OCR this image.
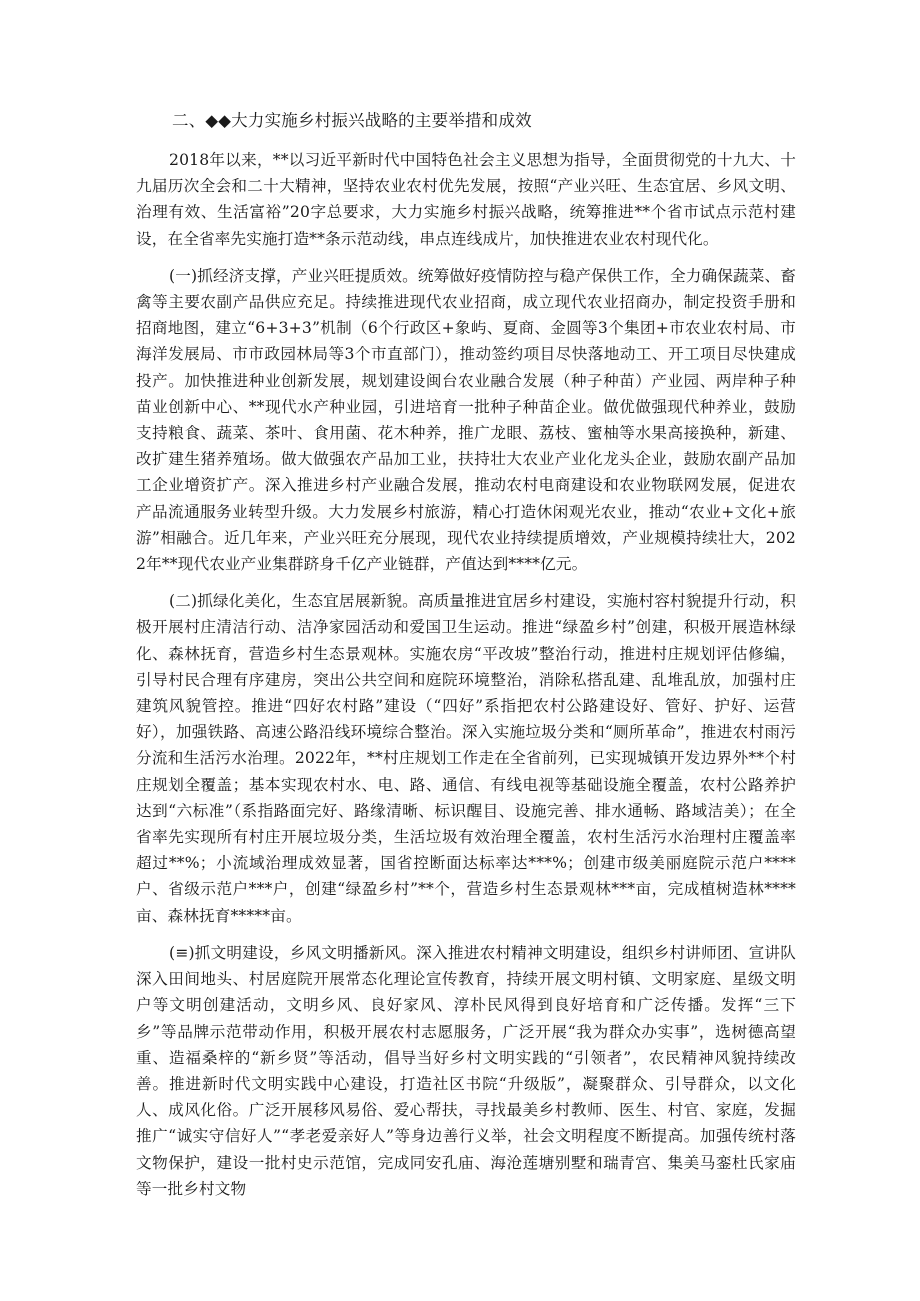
二、◆◆大力实施乡村振兴战略的主要举措和成效

2018年以来，**以习近平新时代中国特色社会主义思想为指导，全面贯彻党的十九大、十九届历次全会和二十大精神，坚持农业农村优先发展，按照“产业兴旺、生态宜居、乡风文明、治理有效、生活富裕”20字总要求，大力实施乡村振兴战略，统筹推进**个省市试点示范村建设，在全省率先实施打造**条示范动线，串点连线成片，加快推进农业农村现代化。

(一)抓经济支撑，产业兴旺提质效。统筹做好疫情防控与稳产保供工作，全力确保蔬菜、畜禽等主要农副产品供应充足。持续推进现代农业招商，成立现代农业招商办，制定投资手册和招商地图，建立“6+3+3”机制（6个行政区+象屿、夏商、金圆等3个集团+市农业农村局、市海洋发展局、市市政园林局等3个市直部门），推动签约项目尽快落地动工、开工项目尽快建成投产。加快推进种业创新发展，规划建设闽台农业融合发展（种子种苗）产业园、两岸种子种苗业创新中心、**现代水产种业园，引进培育一批种子种苗企业。做优做强现代种养业，鼓励支持粮食、蔬菜、茶叶、食用菌、花木种养，推广龙眼、荔枝、蜜柚等水果高接换种，新建、改扩建生猪养殖场。做大做强农产品加工业，扶持壮大农业产业化龙头企业，鼓励农副产品加工企业增资扩产。深入推进乡村产业融合发展，推动农村电商建设和农业物联网发展，促进农产品流通服务业转型升级。大力发展乡村旅游，精心打造休闲观光农业，推动“农业+文化+旅游”相融合。近几年来，产业兴旺充分展现，现代农业持续提质增效，产业规模持续壮大，2022年**现代农业产业集群跻身千亿产业链群，产值达到****亿元。

(二)抓绿化美化，生态宜居展新貌。高质量推进宜居乡村建设，实施村容村貌提升行动，积极开展村庄清洁行动、洁净家园活动和爱国卫生运动。推进“绿盈乡村”创建，积极开展造林绿化、森林抚育，营造乡村生态景观林。实施农房“平改坡”整治行动，推进村庄规划评估修编，引导村民合理有序建房，突出公共空间和庭院环境整治，消除私搭乱建、乱堆乱放，加强村庄建筑风貌管控。推进“四好农村路”建设（“四好”系指把农村公路建设好、管好、护好、运营好），加强铁路、高速公路沿线环境综合整治。深入实施垃圾分类和“厕所革命”，推进农村雨污分流和生活污水治理。2022年，**村庄规划工作走在全省前列，已实现城镇开发边界外**个村庄规划全覆盖；基本实现农村水、电、路、通信、有线电视等基础设施全覆盖，农村公路养护达到“六标准”（系指路面完好、路缘清晰、标识醒目、设施完善、排水通畅、路域洁美）；在全省率先实现所有村庄开展垃圾分类，生活垃圾有效治理全覆盖，农村生活污水治理村庄覆盖率超过**%；小流域治理成效显著，国省控断面达标率达***%；创建市级美丽庭院示范户****户、省级示范户***户，创建“绿盈乡村”**个，营造乡村生态景观林***亩，完成植树造林****亩、森林抚育*****亩。

(≡)抓文明建设，乡风文明播新风。深入推进农村精神文明建设，组织乡村讲师团、宣讲队深入田间地头、村居庭院开展常态化理论宣传教育，持续开展文明村镇、文明家庭、星级文明户等文明创建活动，文明乡风、良好家风、淳朴民风得到良好培育和广泛传播。发挥“三下乡”等品牌示范带动作用，积极开展农村志愿服务，广泛开展“我为群众办实事”，选树德高望重、造福桑梓的“新乡贤”等活动，倡导当好乡村文明实践的“引领者”，农民精神风貌持续改善。推进新时代文明实践中心建设，打造社区书院“升级版”，凝聚群众、引导群众，以文化人、成风化俗。广泛开展移风易俗、爱心帮扶，寻找最美乡村教师、医生、村官、家庭，发掘推广“诚实守信好人”“孝老爱亲好人”等身边善行义举，社会文明程度不断提高。加强传统村落文物保护，建设一批村史示范馆，完成同安孔庙、海沧莲塘别墅和瑞青宫、集美马銮杜氏家庙等一批乡村文物
